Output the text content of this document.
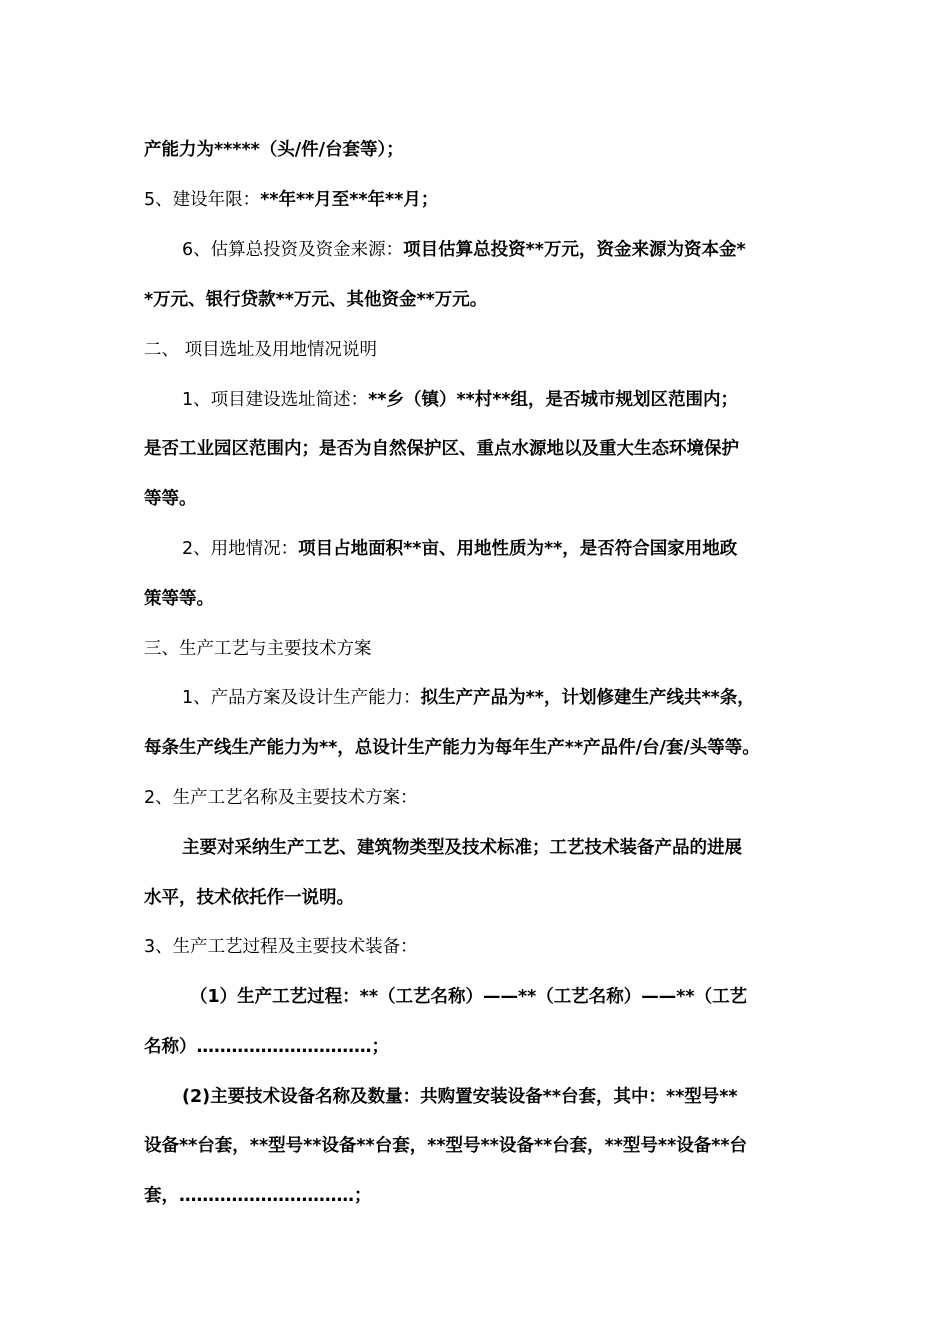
产能力为*****（头/件/台套等）；
5、建设年限：**年**月至**年**月；
6、估算总投资及资金来源：项目估算总投资**万元，资金来源为资本金*
*万元、银行贷款**万元、其他资金**万元。
二、 项目选址及用地情况说明
1、项目建设选址简述：**乡（镇）**村**组，是否城市规划区范围内；
是否工业园区范围内；是否为自然保护区、重点水源地以及重大生态环境保护
等等。
2、用地情况：项目占地面积**亩、用地性质为**，是否符合国家用地政
策等等。
三、生产工艺与主要技术方案
1、产品方案及设计生产能力：拟生产产品为**，计划修建生产线共**条，
每条生产线生产能力为**，总设计生产能力为每年生产**产品件/台/套/头等等。
2、生产工艺名称及主要技术方案：
主要对采纳生产工艺、建筑物类型及技术标准；工艺技术装备产品的进展
水平，技术依托作一说明。
3、生产工艺过程及主要技术装备：
（1）生产工艺过程：**（工艺名称）——**（工艺名称）——**（工艺
名称）…………………………；
(2)主要技术设备名称及数量：共购置安装设备**台套，其中：**型号**
设备**台套，**型号**设备**台套，**型号**设备**台套，**型号**设备**台
套，…………………………；
